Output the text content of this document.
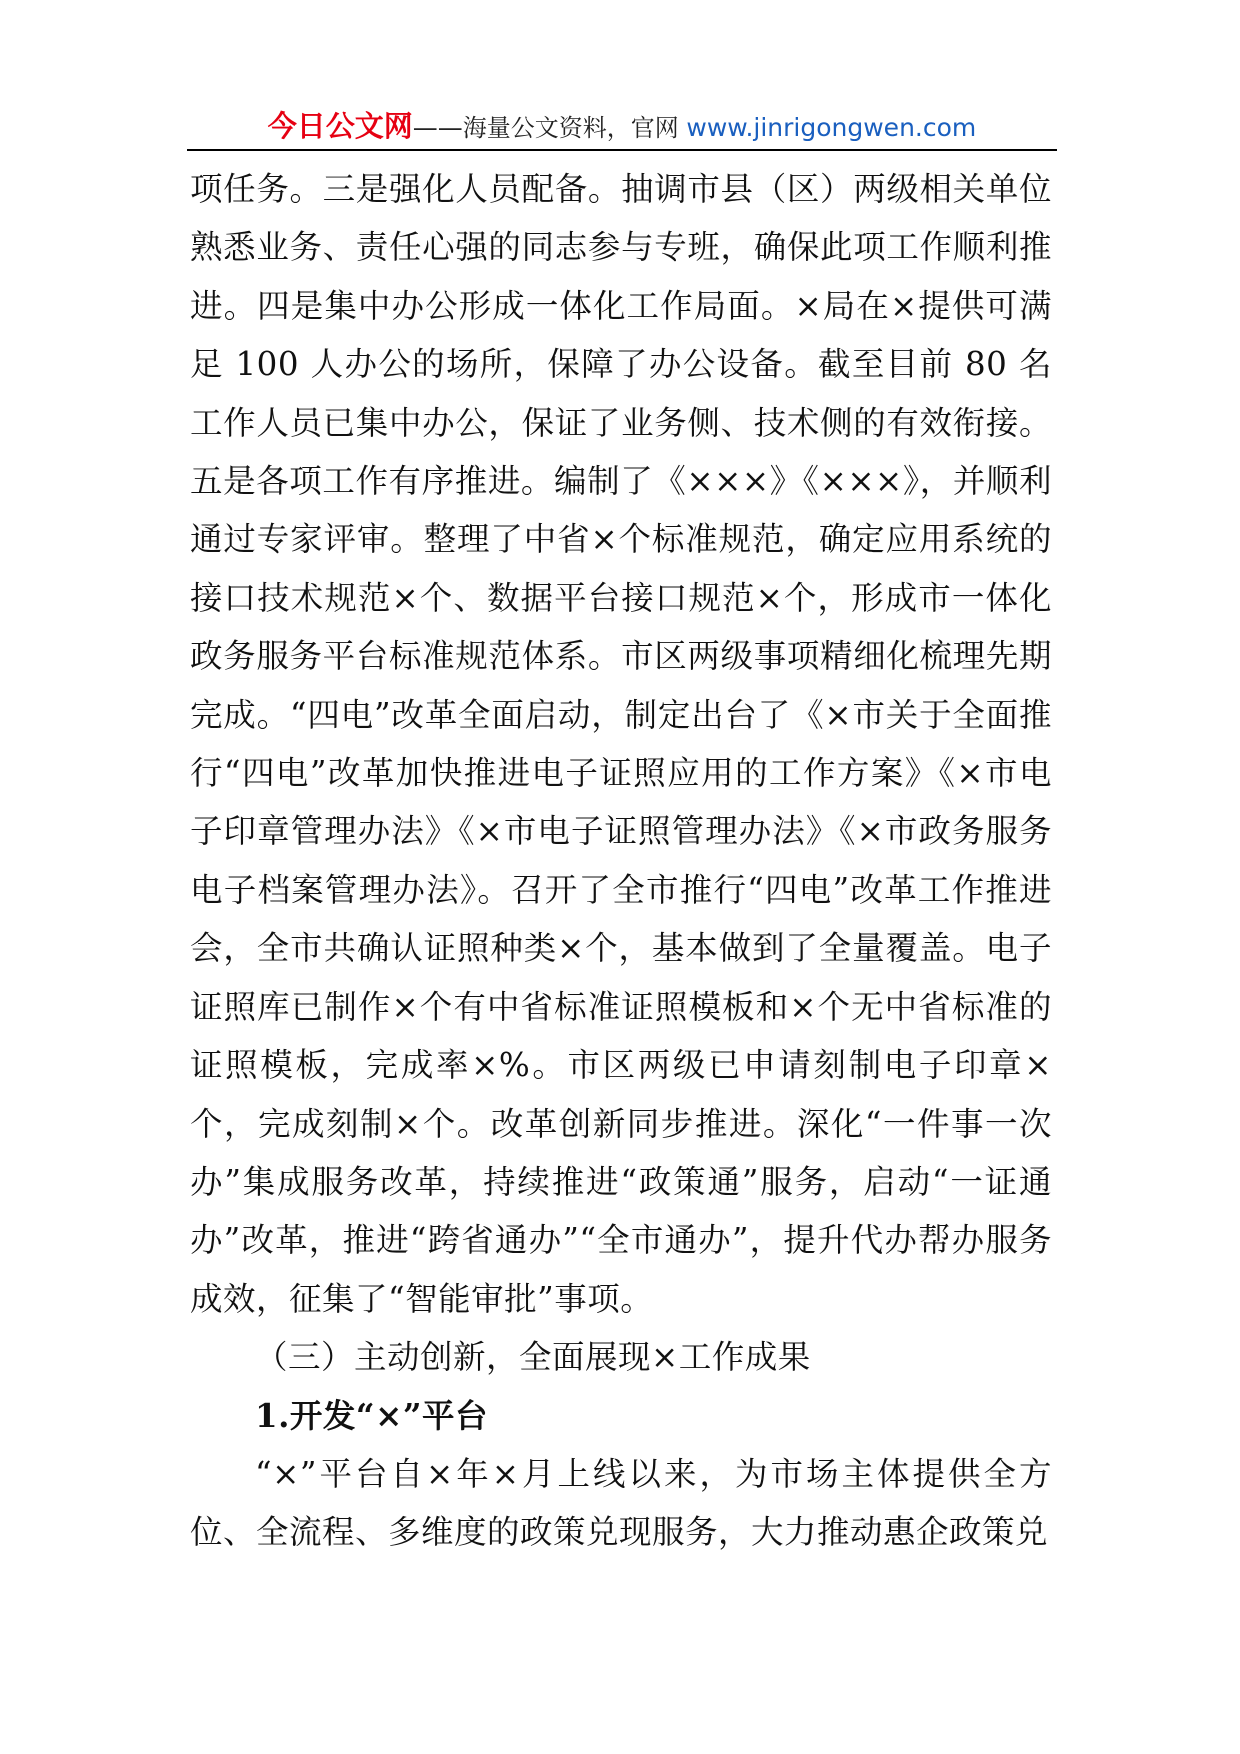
今日公文网——海量公文资料，官网 www.jinrigongwen.com

项任务。三是强化人员配备。抽调市县（区）两级相关单位熟悉业务、责任心强的同志参与专班，确保此项工作顺利推进。四是集中办公形成一体化工作局面。×局在×提供可满足 100 人办公的场所，保障了办公设备。截至目前 80 名工作人员已集中办公，保证了业务侧、技术侧的有效衔接。五是各项工作有序推进。编制了《×××》《×××》，并顺利通过专家评审。整理了中省×个标准规范，确定应用系统的接口技术规范×个、数据平台接口规范×个，形成市一体化政务服务平台标准规范体系。市区两级事项精细化梳理先期完成。“四电”改革全面启动，制定出台了《×市关于全面推行“四电”改革加快推进电子证照应用的工作方案》《×市电子印章管理办法》《×市电子证照管理办法》《×市政务服务电子档案管理办法》。召开了全市推行“四电”改革工作推进会，全市共确认证照种类×个，基本做到了全量覆盖。电子证照库已制作×个有中省标准证照模板和×个无中省标准的证照模板，完成率×%。市区两级已申请刻制电子印章×个，完成刻制×个。改革创新同步推进。深化“一件事一次办”集成服务改革，持续推进“政策通”服务，启动“一证通办”改革，推进“跨省通办”“全市通办”，提升代办帮办服务成效，征集了“智能审批”事项。

（三）主动创新，全面展现×工作成果

1.开发“×”平台

“×”平台自×年×月上线以来，为市场主体提供全方位、全流程、多维度的政策兑现服务，大力推动惠企政策兑
